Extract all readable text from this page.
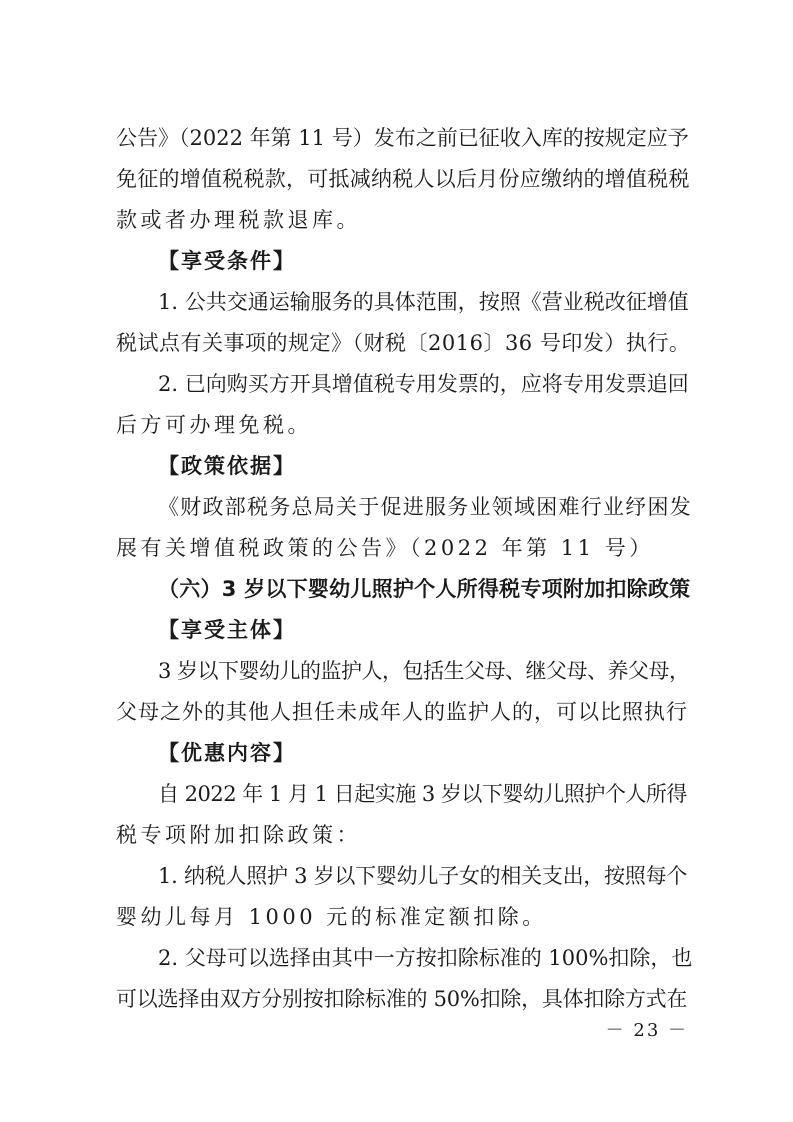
公告》（2022 年第 11 号）发布之前已征收入库的按规定应予

免征的增值税税款，可抵减纳税人以后月份应缴纳的增值税税

款或者办理税款退库。

【享受条件】

1. 公共交通运输服务的具体范围，按照《营业税改征增值

税试点有关事项的规定》（财税〔2016〕36 号印发）执行。

2. 已向购买方开具增值税专用发票的，应将专用发票追回

后方可办理免税。

【政策依据】

《财政部税务总局关于促进服务业领域困难行业纾困发

展有关增值税政策的公告》（2022 年第 11 号）

（六）3 岁以下婴幼儿照护个人所得税专项附加扣除政策

【享受主体】

3 岁以下婴幼儿的监护人，包括生父母、继父母、养父母，

父母之外的其他人担任未成年人的监护人的，可以比照执行

【优惠内容】

自 2022 年 1 月 1 日起实施 3 岁以下婴幼儿照护个人所得

税专项附加扣除政策：

1. 纳税人照护 3 岁以下婴幼儿子女的相关支出，按照每个

婴幼儿每月 1000 元的标准定额扣除。

2. 父母可以选择由其中一方按扣除标准的 100%扣除，也

可以选择由双方分别按扣除标准的 50%扣除，具体扣除方式在

－ 23 －
